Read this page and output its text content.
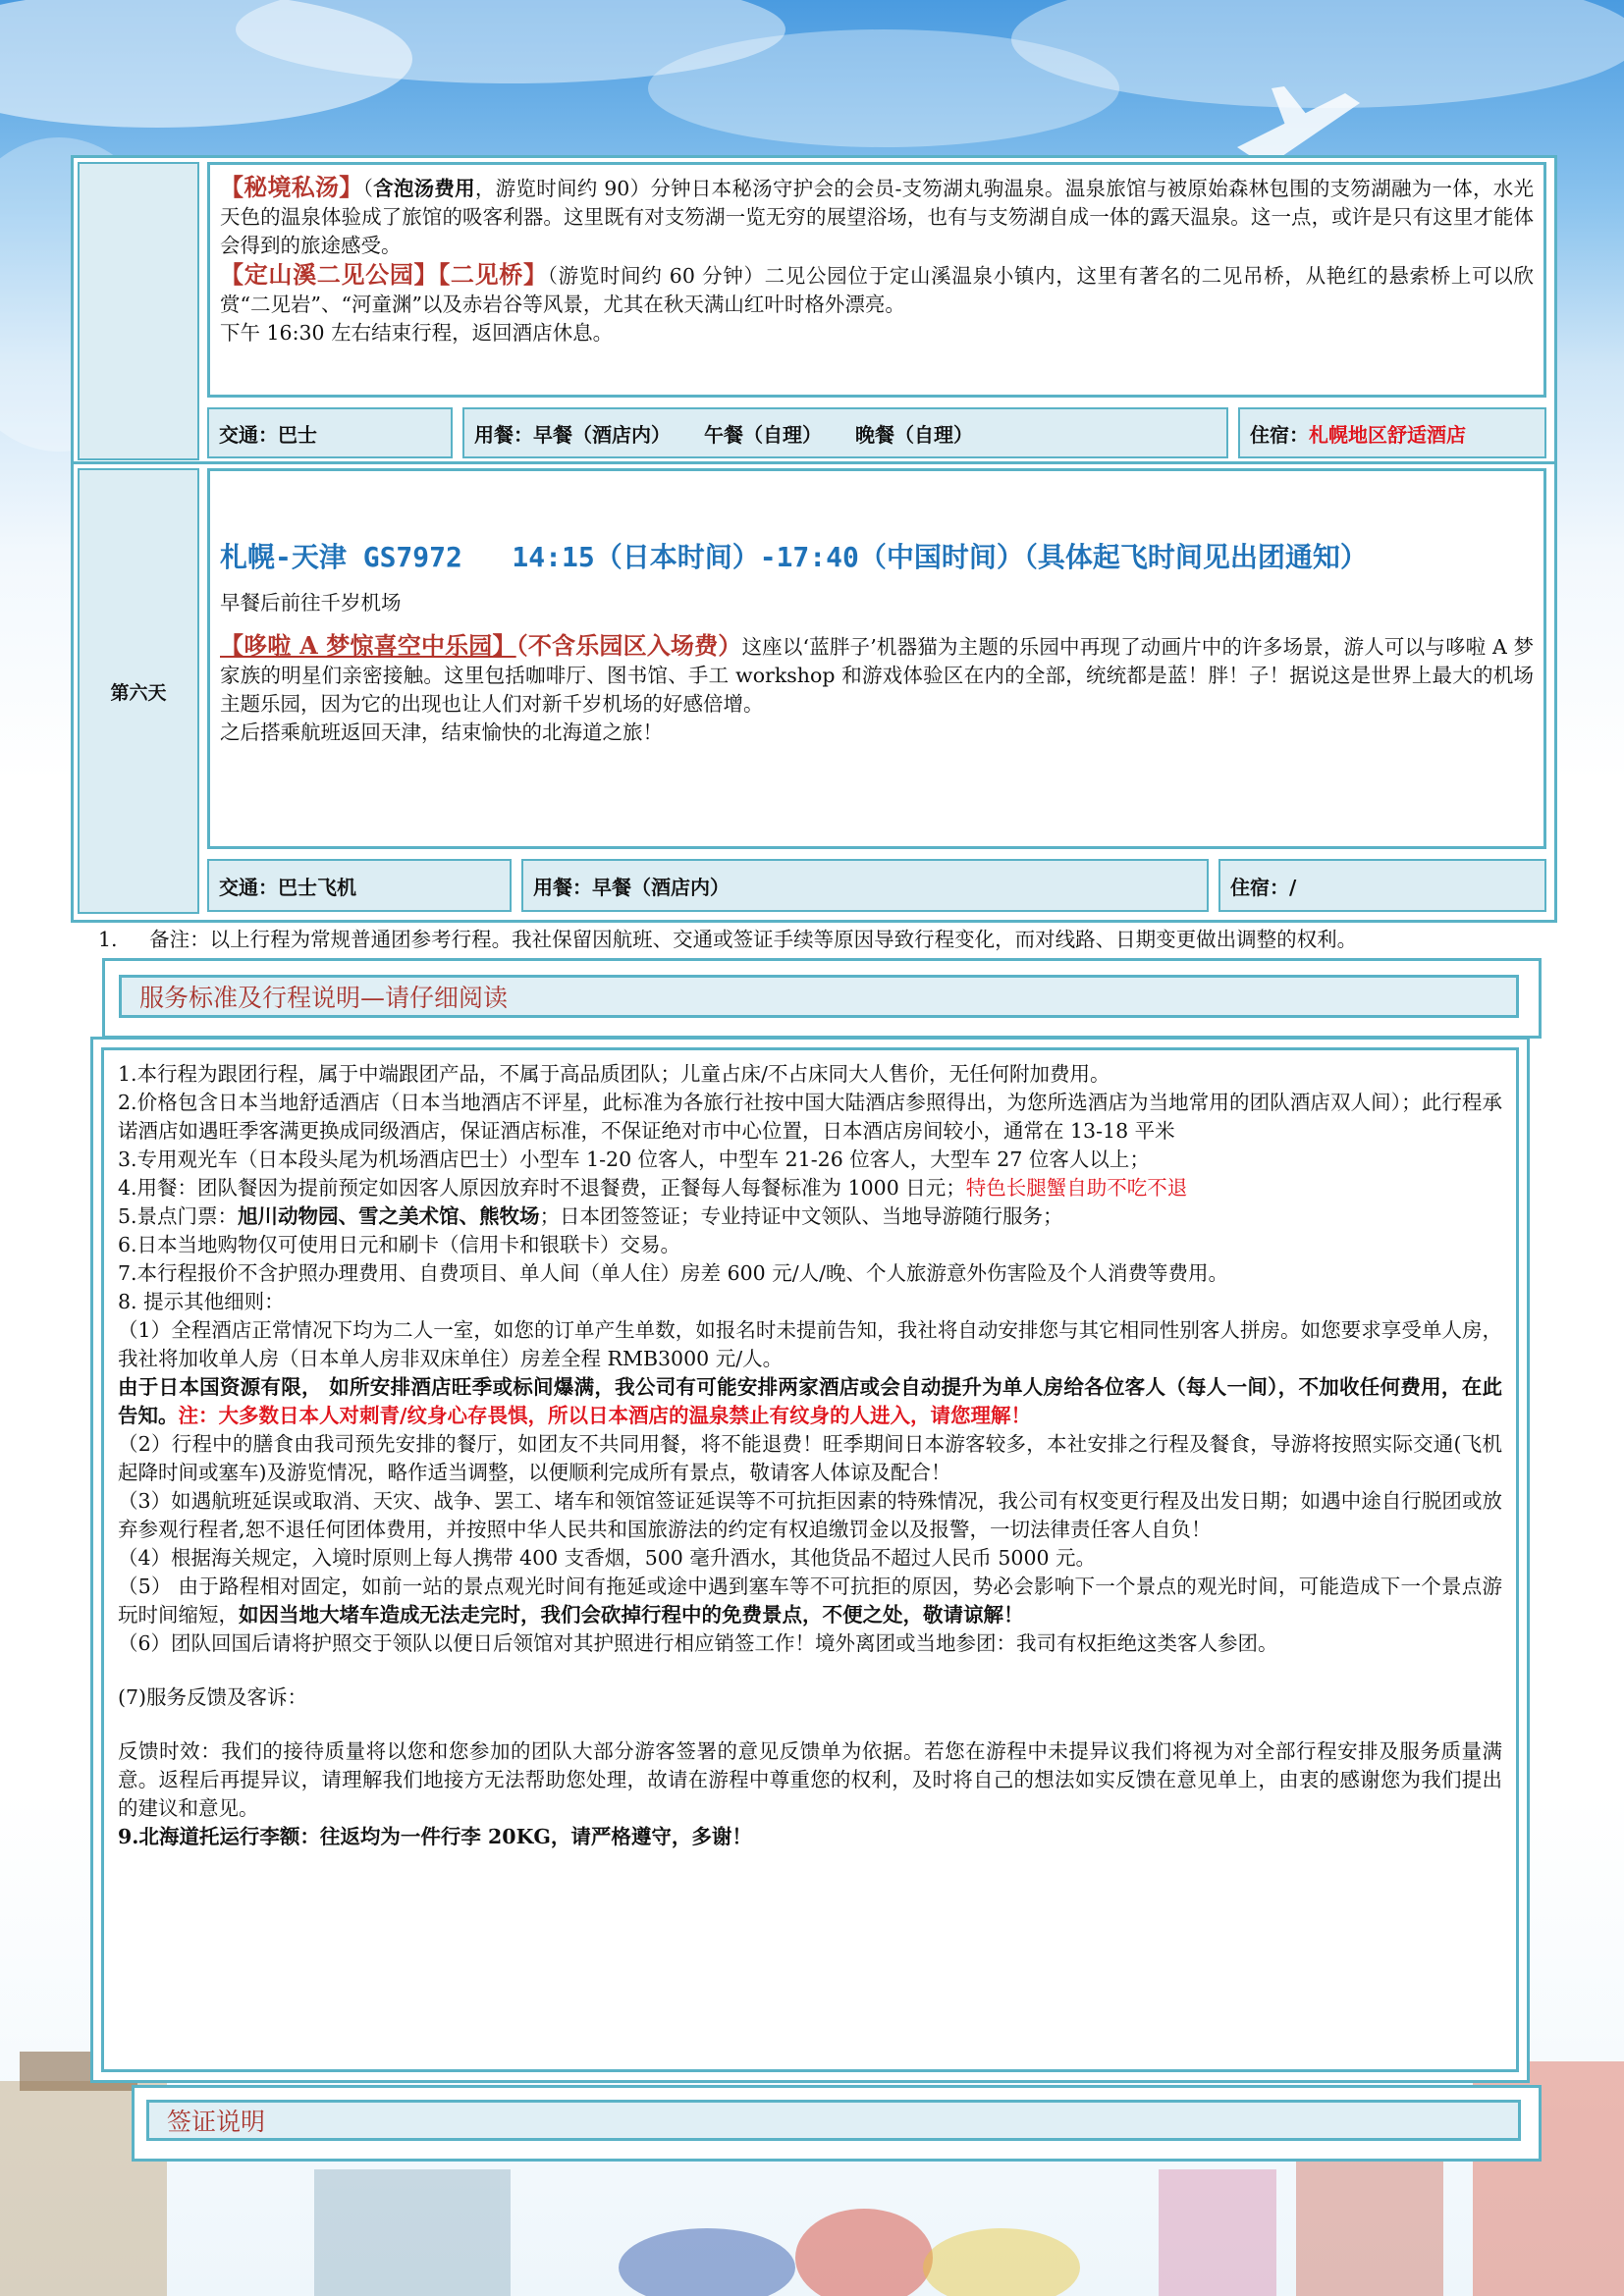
【秘境私汤】（含泡汤费用，游览时间约 90）分钟日本秘汤守护会的会员-支笏湖丸驹温泉。温泉旅馆与被原始森林包围的支笏湖融为一体，水光天色的温泉体验成了旅馆的吸客利器。这里既有对支笏湖一览无穷的展望浴场，也有与支笏湖自成一体的露天温泉。这一点，或许是只有这里才能体会得到的旅途感受。
【定山溪二见公园】【二见桥】（游览时间约 60 分钟）二见公园位于定山溪温泉小镇内，这里有著名的二见吊桥，从艳红的悬索桥上可以欣赏“二见岩”、“河童渊”以及赤岩谷等风景，尤其在秋天满山红叶时格外漂亮。
下午 16:30 左右结束行程，返回酒店休息。
交通：巴士	用餐： 早餐（酒店内） 午餐（自理） 晚餐（自理）	住宿： 札幌地区舒适酒店
第六天
札幌-天津 GS7972   14:15（日本时间）-17:40（中国时间）（具体起飞时间见出团通知）
早餐后前往千岁机场
【哆啦 A 梦惊喜空中乐园】（不含乐园区入场费）这座以‘蓝胖子’机器猫为主题的乐园中再现了动画片中的许多场景，游人可以与哆啦 A 梦家族的明星们亲密接触。这里包括咖啡厅、图书馆、手工 workshop 和游戏体验区在内的全部，统统都是蓝！胖！子！据说这是世界上最大的机场主题乐园，因为它的出现也让人们对新千岁机场的好感倍增。
之后搭乘航班返回天津，结束愉快的北海道之旅！
交通：巴士飞机	用餐：早餐（酒店内）	住宿：/
1.     备注：以上行程为常规普通团参考行程。我社保留因航班、交通或签证手续等原因导致行程变化，而对线路、日期变更做出调整的权利。
服务标准及行程说明—请仔细阅读

1.本行程为跟团行程，属于中端跟团产品，不属于高品质团队；儿童占床/不占床同大人售价，无任何附加费用。

2.价格包含日本当地舒适酒店（日本当地酒店不评星，此标准为各旅行社按中国大陆酒店参照得出，为您所选酒店为当地常用的团队酒店双人间）；此行程承诺酒店如遇旺季客满更换成同级酒店，保证酒店标准，不保证绝对市中心位置，日本酒店房间较小，通常在 13-18 平米

3.专用观光车（日本段头尾为机场酒店巴士）小型车 1-20 位客人，中型车 21-26 位客人，大型车 27 位客人以上；

4.用餐：团队餐因为提前预定如因客人原因放弃时不退餐费，正餐每人每餐标准为 1000 日元；特色长腿蟹自助不吃不退

5.景点门票：旭川动物园、雪之美术馆、熊牧场；日本团签签证；专业持证中文领队、当地导游随行服务；

6.日本当地购物仅可使用日元和刷卡（信用卡和银联卡）交易。

7.本行程报价不含护照办理费用、自费项目、单人间（单人住）房差 600 元/人/晚、个人旅游意外伤害险及个人消费等费用。

8. 提示其他细则：

（1）全程酒店正常情况下均为二人一室，如您的订单产生单数，如报名时未提前告知，我社将自动安排您与其它相同性别客人拼房。如您要求享受单人房，我社将加收单人房（日本单人房非双床单住）房差全程 RMB3000 元/人。

由于日本国资源有限， 如所安排酒店旺季或标间爆满，我公司有可能安排两家酒店或会自动提升为单人房给各位客人（每人一间），不加收任何费用，在此告知。注：大多数日本人对刺青/纹身心存畏惧，所以日本酒店的温泉禁止有纹身的人进入，请您理解！

（2）行程中的膳食由我司预先安排的餐厅，如团友不共同用餐，将不能退费！旺季期间日本游客较多，本社安排之行程及餐食，导游将按照实际交通(飞机起降时间或塞车)及游览情况，略作适当调整，以便顺利完成所有景点，敬请客人体谅及配合！

（3）如遇航班延误或取消、天灾、战争、罢工、堵车和领馆签证延误等不可抗拒因素的特殊情况，我公司有权变更行程及出发日期；如遇中途自行脱团或放弃参观行程者,恕不退任何团体费用，并按照中华人民共和国旅游法的约定有权追缴罚金以及报警，一切法律责任客人自负！

（4）根据海关规定，入境时原则上每人携带 400 支香烟，500 毫升酒水，其他货品不超过人民币 5000 元。

（5） 由于路程相对固定，如前一站的景点观光时间有拖延或途中遇到塞车等不可抗拒的原因，势必会影响下一个景点的观光时间，可能造成下一个景点游玩时间缩短，如因当地大堵车造成无法走完时，我们会砍掉行程中的免费景点，不便之处，敬请谅解！

（6）团队回国后请将护照交于领队以便日后领馆对其护照进行相应销签工作！境外离团或当地参团：我司有权拒绝这类客人参团。

(7)服务反馈及客诉：

反馈时效：我们的接待质量将以您和您参加的团队大部分游客签署的意见反馈单为依据。若您在游程中未提异议我们将视为对全部行程安排及服务质量满意。返程后再提异议，请理解我们地接方无法帮助您处理，故请在游程中尊重您的权利，及时将自己的想法如实反馈在意见单上，由衷的感谢您为我们提出的建议和意见。

9.北海道托运行李额：往返均为一件行李 20KG，请严格遵守，多谢！

签证说明
